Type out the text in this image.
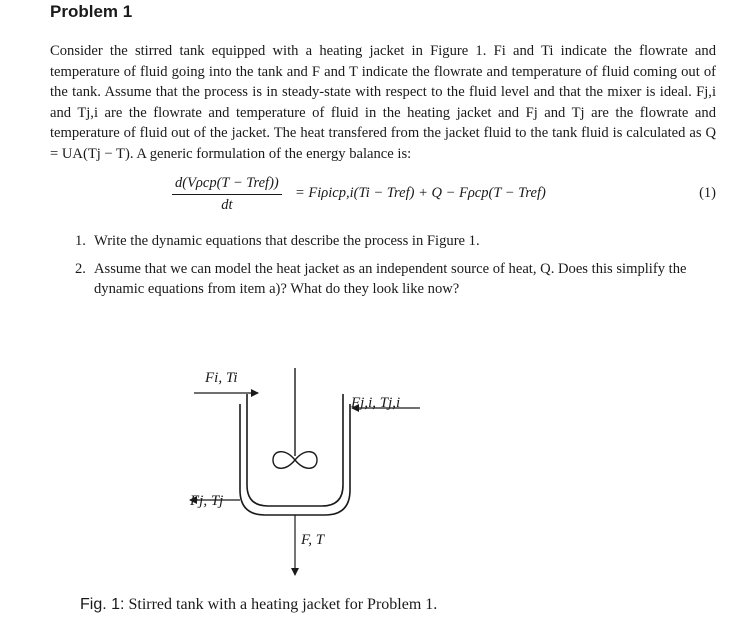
Problem 1
Consider the stirred tank equipped with a heating jacket in Figure 1. Fi and Ti indicate the flowrate and temperature of fluid going into the tank and F and T indicate the flowrate and temperature of fluid coming out of the tank. Assume that the process is in steady-state with respect to the fluid level and that the mixer is ideal. Fj,i and Tj,i are the flowrate and temperature of fluid in the heating jacket and Fj and Tj are the flowrate and temperature of fluid out of the jacket. The heat transfered from the jacket fluid to the tank fluid is calculated as Q = UA(Tj − T). A generic formulation of the energy balance is:
d(Vρcp(T − Tref))
dt
= Fiρicp,i(Ti − Tref) + Q − Fρcp(T − Tref)	(1)
1. Write the dynamic equations that describe the process in Figure 1.
2. Assume that we can model the heat jacket as an independent source of heat, Q. Does this simplify the dynamic equations from item a)? What do they look like now?
Fi, Ti
Fj,i, Tj,i
Fj, Tj
F, T
Fig. 1: Stirred tank with a heating jacket for Problem 1.
